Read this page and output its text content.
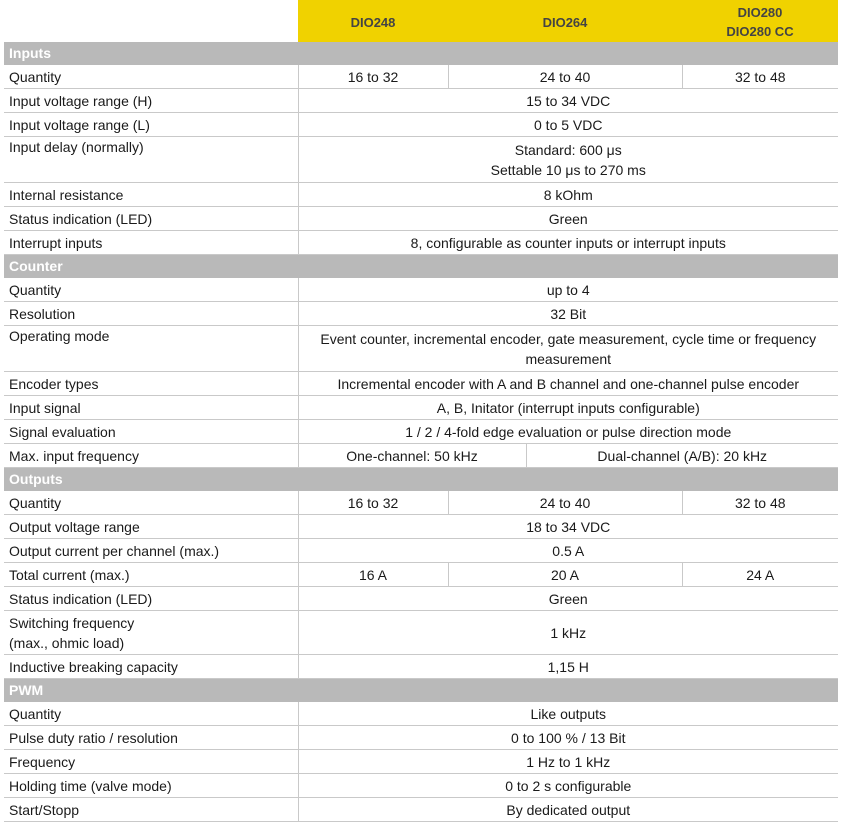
	DIO248	DIO264		DIO280
DIO280 CC

Inputs				
Quantity	16 to 32	24 to 40		32 to 48
Input voltage range (H)	15 to 34 VDC			
Input voltage range (L)	0 to 5 VDC			
Input delay (normally)	Standard: 600 μs
Settable 10 μs to 270 ms			

Internal resistance	8 kOhm			
Status indication (LED)	Green			
Interrupt inputs	8, configurable as counter inputs or interrupt inputs			
Counter				
Quantity	up to 4			
Resolution	32 Bit			
Operating mode	Event counter, incremental encoder, gate measurement, cycle time or frequency
measurement			

Encoder types	Incremental encoder with A and B channel and one-channel pulse encoder			
Input signal	A, B, Initator (interrupt inputs configurable)			
Signal evaluation	1 / 2 / 4-fold edge evaluation or pulse direction mode			
Max. input frequency	One-channel: 50 kHz		Dual-channel (A/B): 20 kHz	
Outputs				
Quantity	16 to 32	24 to 40		32 to 48
Output voltage range	18 to 34 VDC			
Output current per channel (max.)	0.5 A			
Total current (max.)	16 A	20 A		24 A
Status indication (LED)	Green			

Switching frequency
(max., ohmic load)	1 kHz			
Inductive breaking capacity	1,15 H			
PWM				
Quantity	Like outputs			
Pulse duty ratio / resolution	0 to 100 % / 13 Bit			
Frequency	1 Hz to 1 kHz			
Holding time (valve mode)	0 to 2 s configurable			
Start/Stopp	By dedicated output			
